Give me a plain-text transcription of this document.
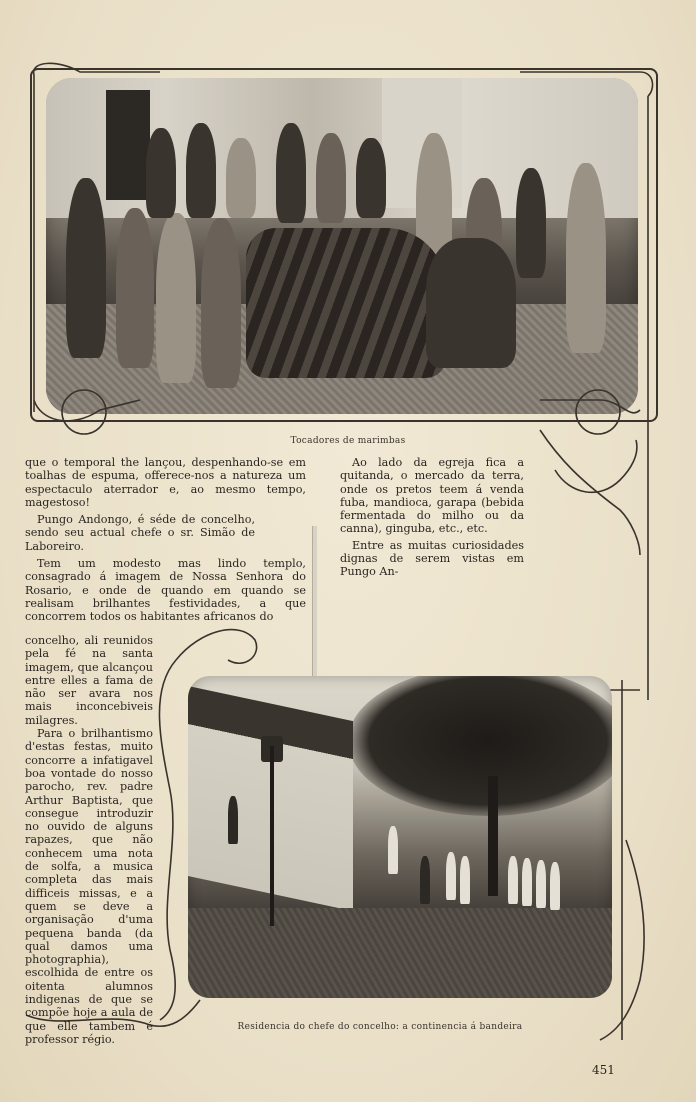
Tocadores de marimbas

que o temporal the lançou, despenhando-se em toalhas de espuma, offerece-nos a natureza um espectaculo aterrador e, ao mesmo tempo, magestoso!

Pungo Andongo, é séde de concelho, sendo seu actual chefe o sr. Simão de Laboreiro.

Tem um modesto mas lindo templo, consagrado á imagem de Nossa Senhora do Rosario, e onde de quando em quando se realisam brilhantes festividades, a que concorrem todos os habitantes africanos do

concelho, ali reunidos pela fé na santa imagem, que alcançou entre elles a fama de não ser avara nos mais inconcebiveis milagres.

Para o brilhantismo d'estas festas, muito concorre a infatigavel boa vontade do nosso parocho, rev. padre Arthur Baptista, que consegue introduzir no ouvido de alguns rapazes, que não conhecem uma nota de solfa, a musica completa das mais difficeis missas, e a quem se deve a organisação d'uma pequena banda (da qual damos uma photographia), escolhida de entre os oitenta alumnos indigenas de que se compõe hoje a aula de que elle tambem é professor régio.

Ao lado da egreja fica a quitanda, o mercado da terra, onde os pretos teem á venda fuba, mandioca, garapa (bebida fermentada do milho ou da canna), ginguba, etc., etc.

Entre as muitas curiosidades dignas de serem vistas em Pungo An-

Residencia do chefe do concelho: a continencia á bandeira
451
